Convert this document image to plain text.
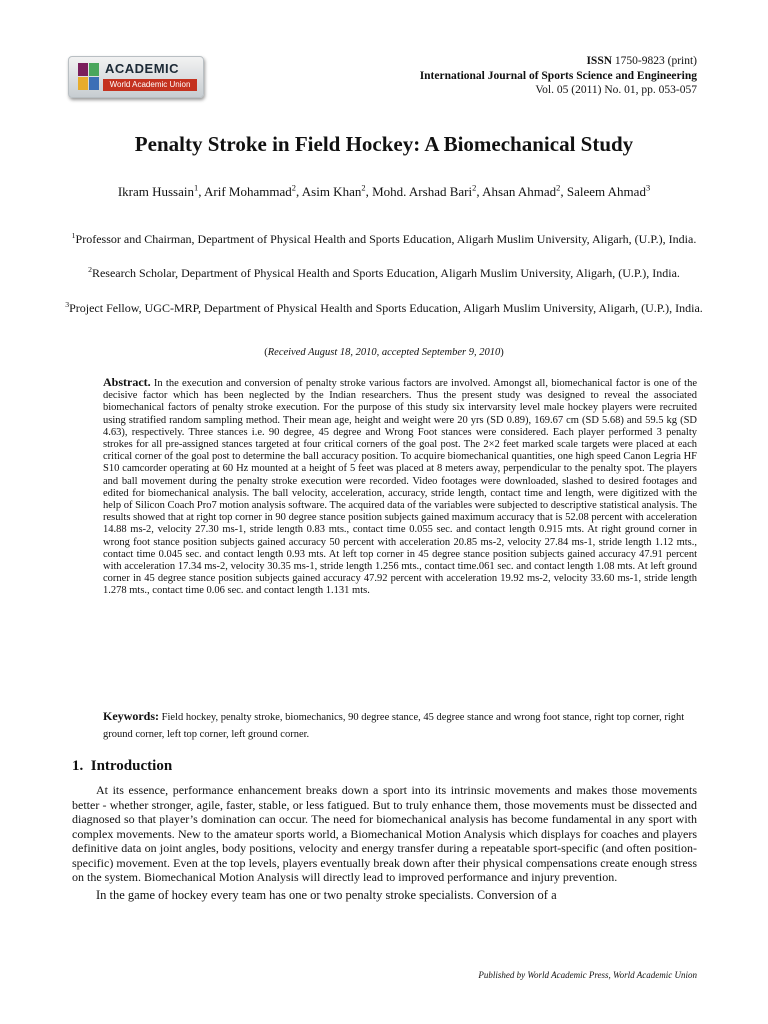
ACADEMIC
World Academic Union
ISSN 1750-9823 (print)
International Journal of Sports Science and Engineering
Vol. 05 (2011) No. 01, pp. 053-057
Penalty Stroke in Field Hockey: A Biomechanical Study
Ikram Hussain$^1$, Arif Mohammad$^2$, Asim Khan$^2$, Mohd. Arshad Bari$^2$, Ahsan Ahmad$^2$, Saleem Ahmad$^3$
$^1$Professor and Chairman, Department of Physical Health and Sports Education, Aligarh Muslim University, Aligarh, (U.P.), India.
$^2$Research Scholar, Department of Physical Health and Sports Education, Aligarh Muslim University, Aligarh, (U.P.), India.
$^3$Project Fellow, UGC-MRP, Department of Physical Health and Sports Education, Aligarh Muslim University, Aligarh, (U.P.), India.
(Received August 18, 2010, accepted September 9, 2010)
Abstract. In the execution and conversion of penalty stroke various factors are involved. Amongst all, biomechanical factor is one of the decisive factor which has been neglected by the Indian researchers. Thus the present study was designed to reveal the associated biomechanical factors of penalty stroke execution. For the purpose of this study six intervarsity level male hockey players were recruited using stratified random sampling method. Their mean age, height and weight were 20 yrs (SD 0.89), 169.67 cm (SD 5.68) and 59.5 kg (SD 4.63), respectively. Three stances i.e. 90 degree, 45 degree and Wrong Foot stances were considered. Each player performed 3 penalty strokes for all pre-assigned stances targeted at four critical corners of the goal post. The 2×2 feet marked scale targets were placed at each critical corner of the goal post to determine the ball accuracy position. To acquire biomechanical quantities, one high speed Canon Legria HF S10 camcorder operating at 60 Hz mounted at a height of 5 feet was placed at 8 meters away, perpendicular to the penalty spot. The players and ball movement during the penalty stroke execution were recorded. Video footages were downloaded, slashed to desired footages and edited for biomechanical analysis. The ball velocity, acceleration, accuracy, stride length, contact time and length, were digitized with the help of Silicon Coach Pro7 motion analysis software. The acquired data of the variables were subjected to descriptive statistical analysis. The results showed that at right top corner in 90 degree stance position subjects gained maximum accuracy that is 52.08 percent with acceleration 14.88 ms-2, velocity 27.30 ms-1, stride length 0.83 mts., contact time 0.055 sec. and contact length 0.915 mts. At right ground corner in wrong foot stance position subjects gained accuracy 50 percent with acceleration 20.85 ms-2, velocity 27.84 ms-1, stride length 1.12 mts., contact time 0.045 sec. and contact length 0.93 mts. At left top corner in 45 degree stance position subjects gained accuracy 47.91 percent with acceleration 17.34 ms-2, velocity 30.35 ms-1, stride length 1.256 mts., contact time.061 sec. and contact length 1.08 mts. At left ground corner in 45 degree stance position subjects gained accuracy 47.92 percent with acceleration 19.92 ms-2, velocity 33.60 ms-1, stride length 1.278 mts., contact time 0.06 sec. and contact length 1.131 mts.
Keywords: Field hockey, penalty stroke, biomechanics, 90 degree stance, 45 degree stance and wrong foot stance, right top corner, right ground corner, left top corner, left ground corner.
1. Introduction

At its essence, performance enhancement breaks down a sport into its intrinsic movements and makes those movements better - whether stronger, agile, faster, stable, or less fatigued. But to truly enhance them, those movements must be dissected and diagnosed so that player’s domination can occur. The need for biomechanical analysis has become fundamental in any sport with complex movements. New to the amateur sports world, a Biomechanical Motion Analysis which displays for coaches and players definitive data on joint angles, body positions, velocity and energy transfer during a repeatable sport-specific (and often position-specific) movement. Even at the top levels, players eventually break down after their physical compensations create enough stress on the system. Biomechanical Motion Analysis will directly lead to improved performance and injury prevention.

In the game of hockey every team has one or two penalty stroke specialists. Conversion of a

Published by World Academic Press, World Academic Union
